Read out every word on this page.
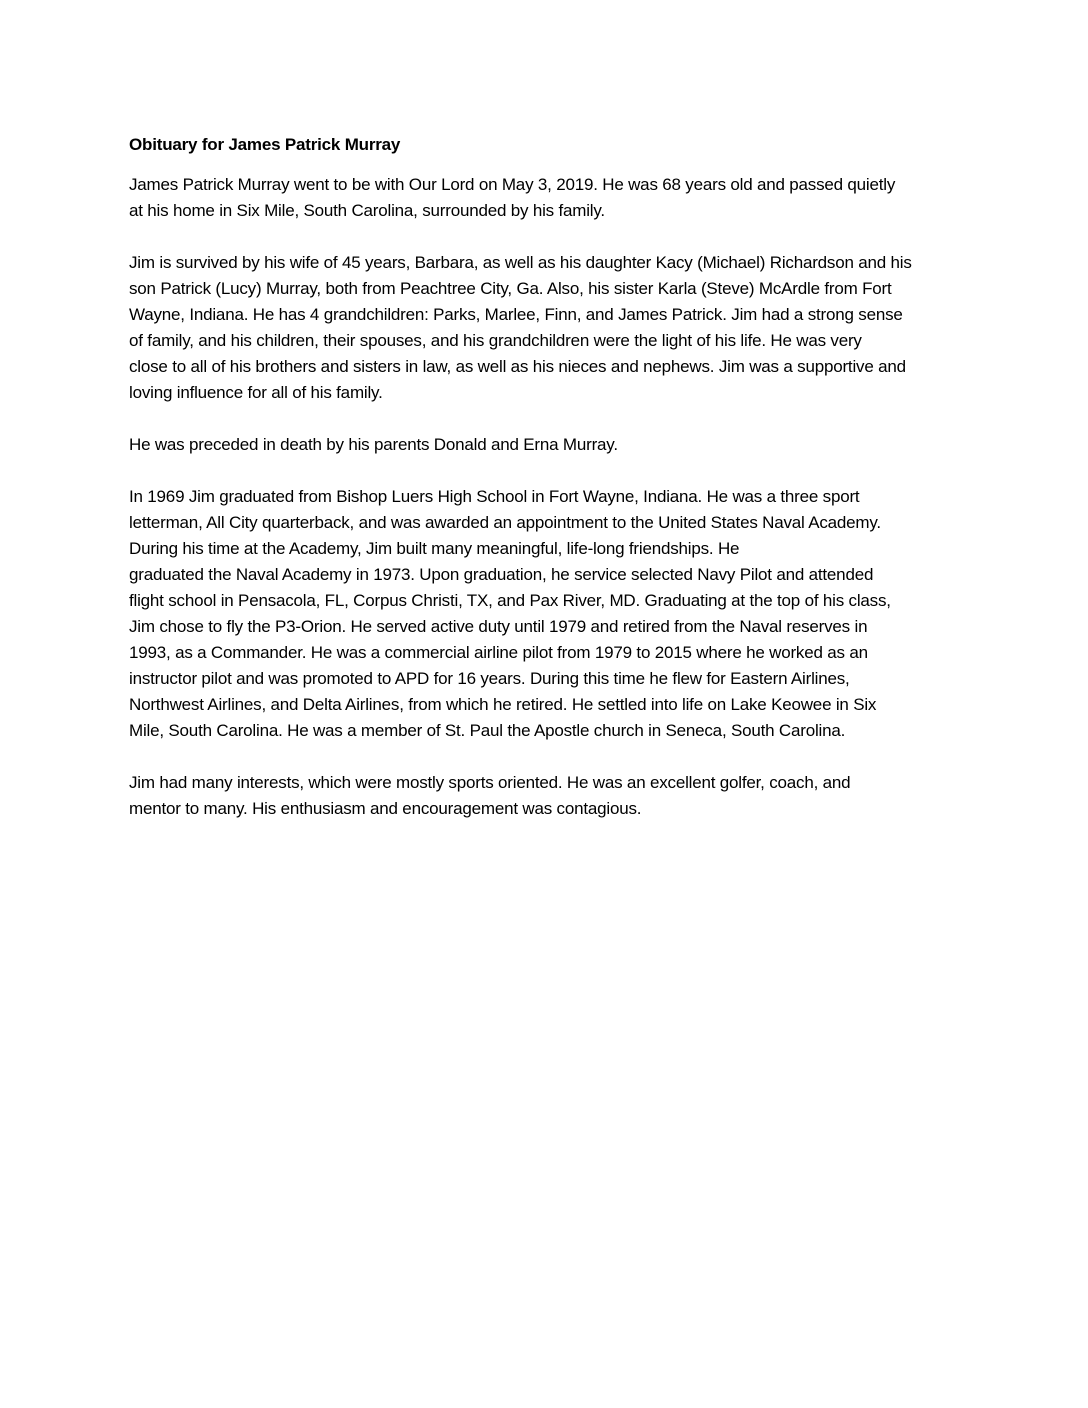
Obituary for James Patrick Murray
James Patrick Murray went to be with Our Lord on May 3, 2019. He was 68 years old and passed quietly
at his home in Six Mile, South Carolina, surrounded by his family.
Jim is survived by his wife of 45 years, Barbara, as well as his daughter Kacy (Michael) Richardson and his
son Patrick (Lucy) Murray, both from Peachtree City, Ga. Also, his sister Karla (Steve) McArdle from Fort
Wayne, Indiana. He has 4 grandchildren: Parks, Marlee, Finn, and James Patrick. Jim had a strong sense
of family, and his children, their spouses, and his grandchildren were the light of his life. He was very
close to all of his brothers and sisters in law, as well as his nieces and nephews. Jim was a supportive and
loving influence for all of his family.
He was preceded in death by his parents Donald and Erna Murray.
In 1969 Jim graduated from Bishop Luers High School in Fort Wayne, Indiana. He was a three sport
letterman, All City quarterback, and was awarded an appointment to the United States Naval Academy.
During his time at the Academy, Jim built many meaningful, life-long friendships. He
graduated the Naval Academy in 1973. Upon graduation, he service selected Navy Pilot and attended
flight school in Pensacola, FL, Corpus Christi, TX, and Pax River, MD. Graduating at the top of his class,
Jim chose to fly the P3-Orion. He served active duty until 1979 and retired from the Naval reserves in
1993, as a Commander. He was a commercial airline pilot from 1979 to 2015 where he worked as an
instructor pilot and was promoted to APD for 16 years. During this time he flew for Eastern Airlines,
Northwest Airlines, and Delta Airlines, from which he retired. He settled into life on Lake Keowee in Six
Mile, South Carolina. He was a member of St. Paul the Apostle church in Seneca, South Carolina.
Jim had many interests, which were mostly sports oriented. He was an excellent golfer, coach, and
mentor to many. His enthusiasm and encouragement was contagious.
